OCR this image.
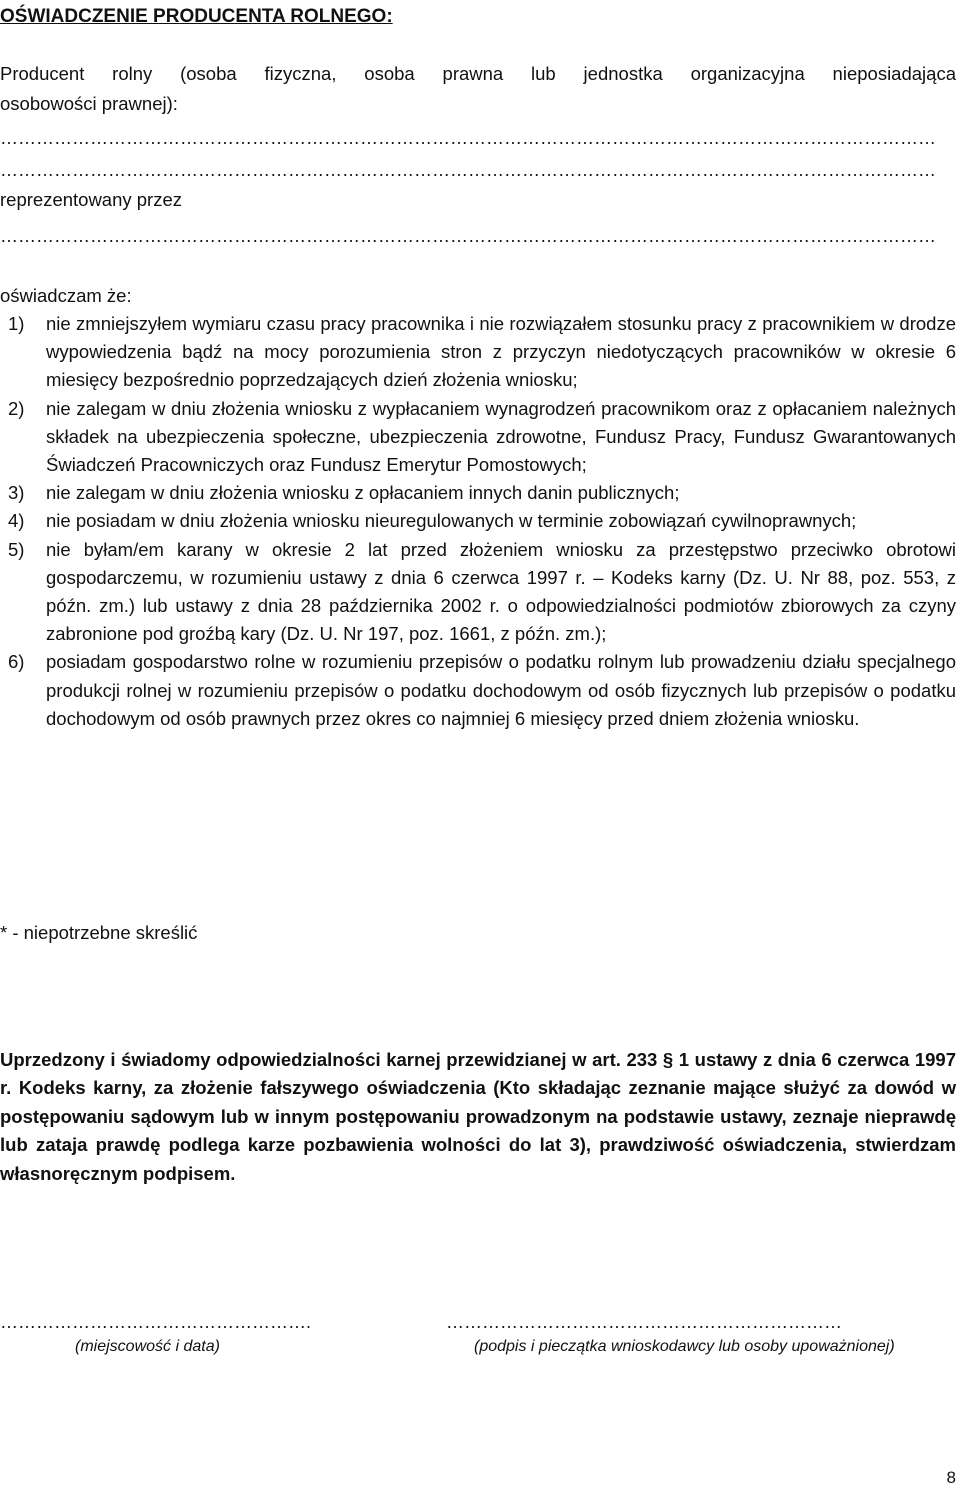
OŚWIADCZENIE PRODUCENTA ROLNEGO:
Producent rolny (osoba fizyczna, osoba prawna lub jednostka organizacyjna nieposiadająca
osobowości prawnej):
…………………………………………………………………………………………………………………………………………
…………………………………………………………………………………………………………………………………………
reprezentowany przez
…………………………………………………………………………………………………………………………………………
oświadczam że:
1) nie zmniejszyłem wymiaru czasu pracy pracownika i nie rozwiązałem stosunku pracy z pracownikiem w drodze wypowiedzenia bądź na mocy porozumienia stron z przyczyn niedotyczących pracowników w okresie 6 miesięcy bezpośrednio poprzedzających dzień złożenia wniosku;
2) nie zalegam w dniu złożenia wniosku z wypłacaniem wynagrodzeń pracownikom oraz z opłacaniem należnych składek na ubezpieczenia społeczne, ubezpieczenia zdrowotne, Fundusz Pracy, Fundusz Gwarantowanych Świadczeń Pracowniczych oraz Fundusz Emerytur Pomostowych;
3) nie zalegam w dniu złożenia wniosku z opłacaniem innych danin publicznych;
4) nie posiadam w dniu złożenia wniosku nieuregulowanych w terminie zobowiązań cywilnoprawnych;
5) nie byłam/em karany w okresie 2 lat przed złożeniem wniosku za przestępstwo przeciwko obrotowi gospodarczemu, w rozumieniu ustawy z dnia 6 czerwca 1997 r. – Kodeks karny (Dz. U. Nr 88, poz. 553, z późn. zm.) lub ustawy z dnia 28 października 2002 r. o odpowiedzialności podmiotów zbiorowych za czyny zabronione pod groźbą kary (Dz. U. Nr 197, poz. 1661, z późn. zm.);
6) posiadam gospodarstwo rolne w rozumieniu przepisów o podatku rolnym lub prowadzeniu działu specjalnego produkcji rolnej w rozumieniu przepisów o podatku dochodowym od osób fizycznych lub przepisów o podatku dochodowym od osób prawnych przez okres co najmniej 6 miesięcy przed dniem złożenia wniosku.
* - niepotrzebne skreślić
Uprzedzony i świadomy odpowiedzialności karnej przewidzianej w art. 233 § 1 ustawy z dnia 6 czerwca 1997 r. Kodeks karny, za złożenie fałszywego oświadczenia (Kto składając zeznanie mające służyć za dowód w postępowaniu sądowym lub w innym postępowaniu prowadzonym na podstawie ustawy, zeznaje nieprawdę lub zataja prawdę podlega karze pozbawienia wolności do lat 3), prawdziwość oświadczenia, stwierdzam własnoręcznym podpisem.
…………………………………………….	…………………………………………………………
(miejscowość i data)	(podpis i pieczątka wnioskodawcy lub osoby upoważnionej)
8
